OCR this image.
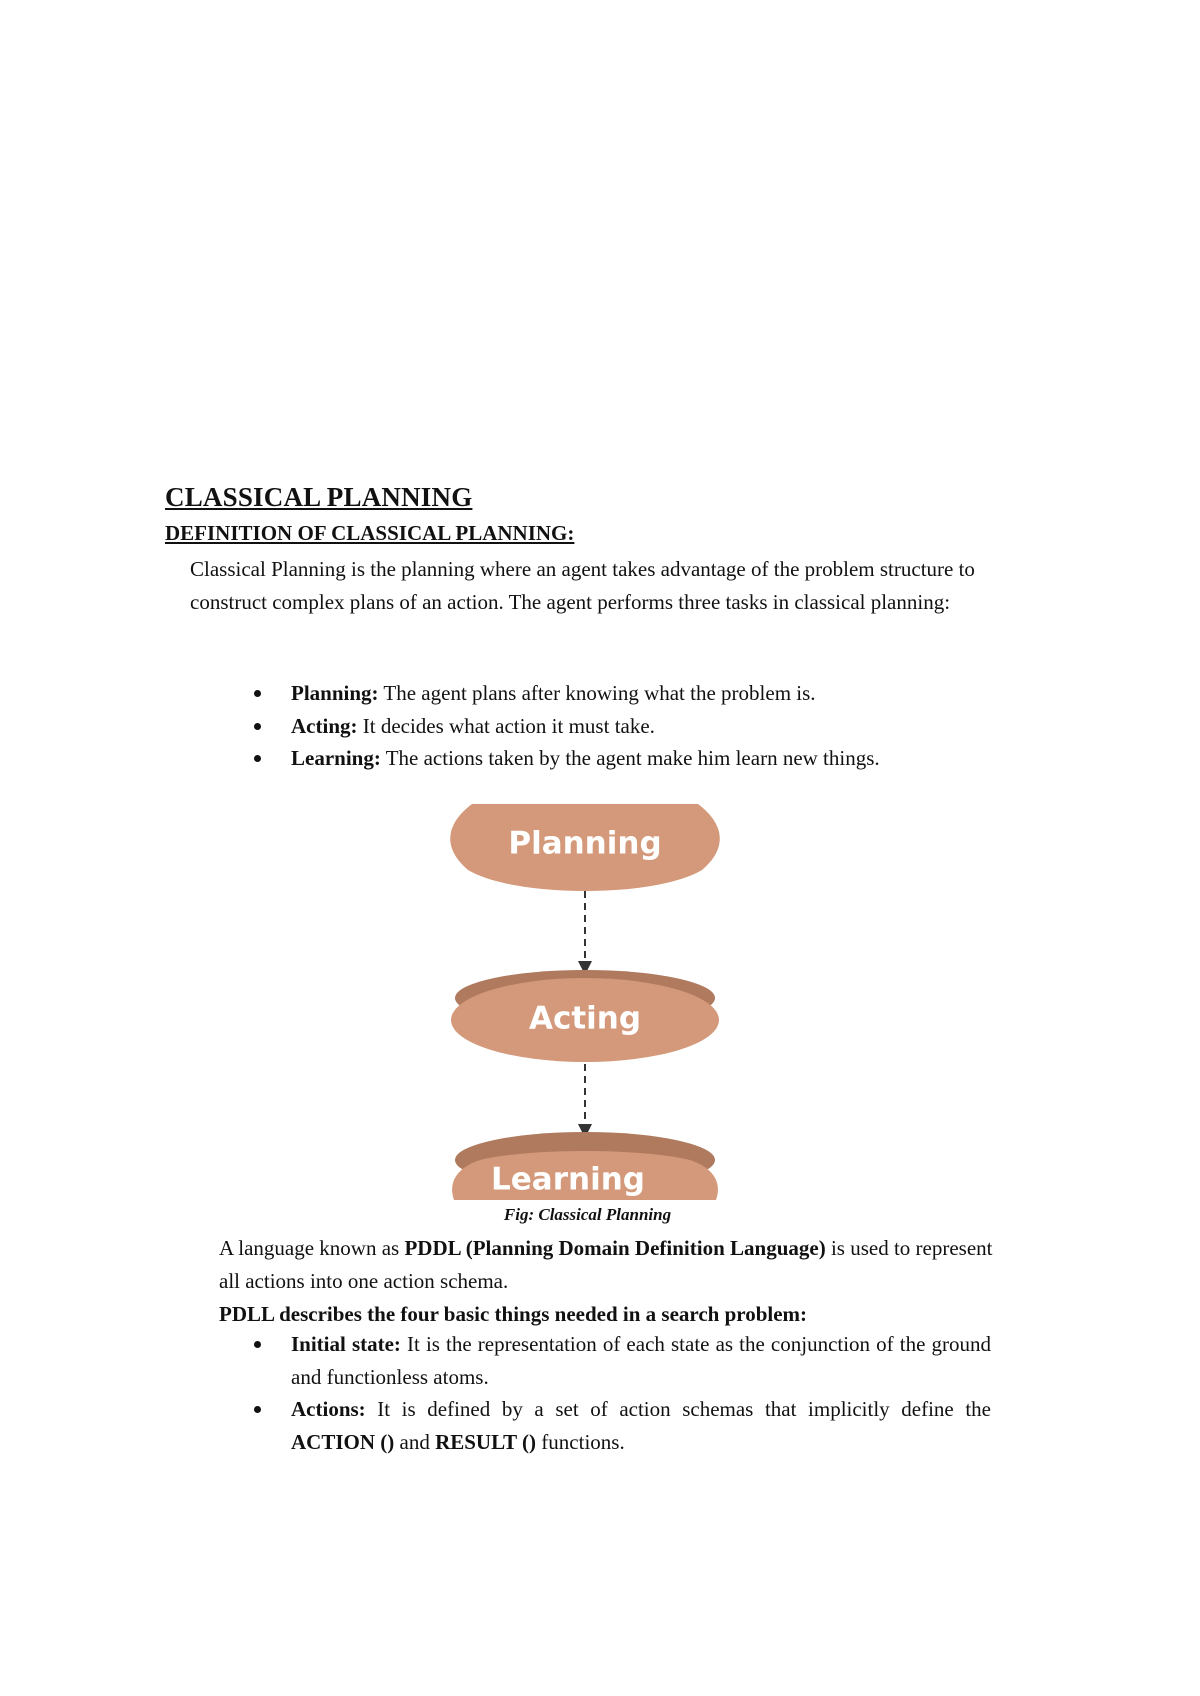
CLASSICAL PLANNING
DEFINITION OF CLASSICAL PLANNING:

Classical Planning is the planning where an agent takes advantage of the problem structure to construct complex plans of an action. The agent performs three tasks in classical planning:

Planning: The agent plans after knowing what the problem is.
Acting: It decides what action it must take.
Learning: The actions taken by the agent make him learn new things.
Planning
Acting
Learning

Fig: Classical Planning

A language known as PDDL (Planning Domain Definition Language) is used to represent all actions into one action schema.

PDLL describes the four basic things needed in a search problem:

Initial state: It is the representation of each state as the conjunction of the ground and functionless atoms.
Actions: It is defined by a set of action schemas that implicitly define the ACTION () and RESULT () functions.
